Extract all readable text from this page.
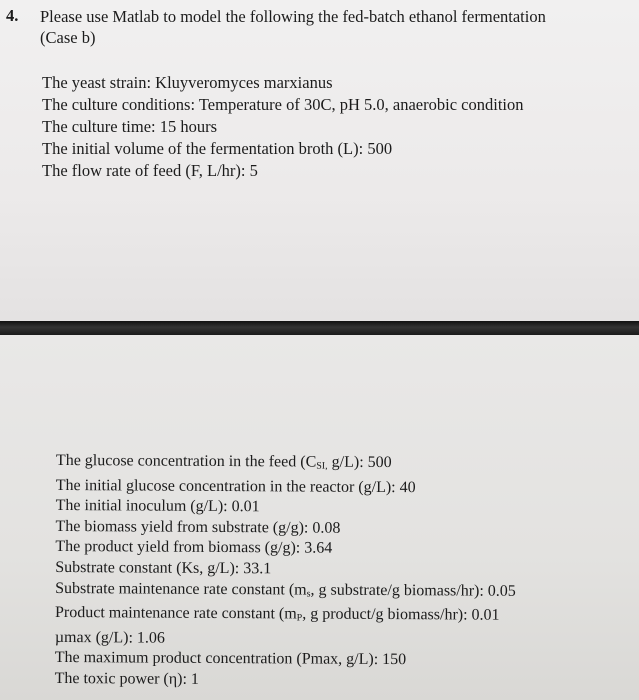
4. Please use Matlab to model the following the fed-batch ethanol fermentation
(Case b)
The yeast strain: Kluyveromyces marxianus
The culture conditions: Temperature of 30C, pH 5.0, anaerobic condition
The culture time: 15 hours
The initial volume of the fermentation broth (L): 500
The flow rate of feed (F, L/hr): 5
The glucose concentration in the feed ($C_{SI,}$ g/L): 500
The initial glucose concentration in the reactor (g/L): 40
The initial inoculum (g/L): 0.01
The biomass yield from substrate (g/g): 0.08
The product yield from biomass (g/g): 3.64
Substrate constant (Ks, g/L): 33.1
Substrate maintenance rate constant ($m_s$, g substrate/g biomass/hr): 0.05
Product maintenance rate constant ($m_P$, g product/g biomass/hr): 0.01
µmax (g/L): 1.06
The maximum product concentration (Pmax, g/L): 150
The toxic power (η): 1
